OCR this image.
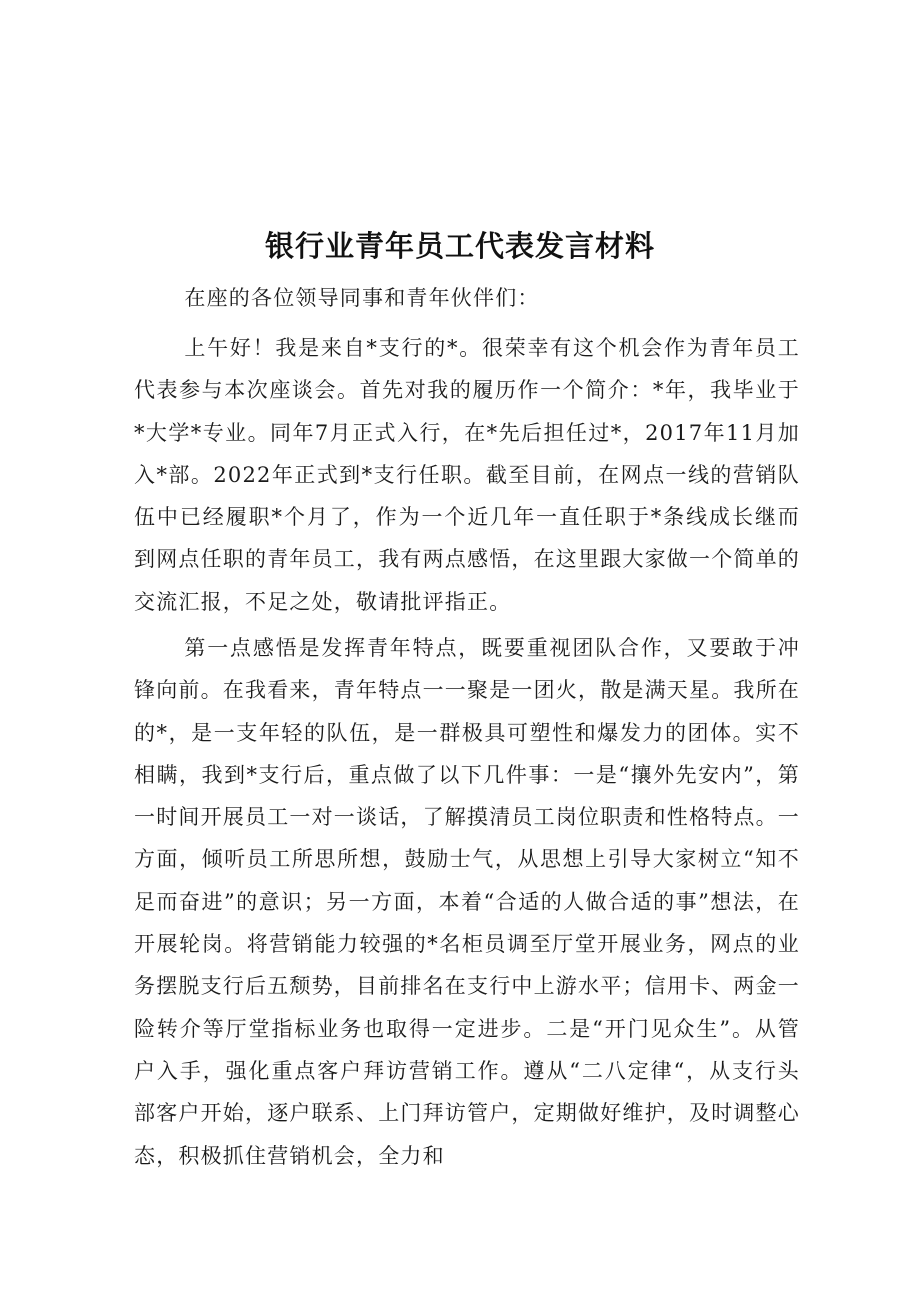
银行业青年员工代表发言材料

在座的各位领导同事和青年伙伴们：

上午好！我是来自*支行的*。很荣幸有这个机会作为青年员工代表参与本次座谈会。首先对我的履历作一个简介：*年，我毕业于*大学*专业。同年7月正式入行，在*先后担任过*，2017年11月加入*部。2022年正式到*支行任职。截至目前，在网点一线的营销队伍中已经履职*个月了，作为一个近几年一直任职于*条线成长继而到网点任职的青年员工，我有两点感悟，在这里跟大家做一个简单的交流汇报，不足之处，敬请批评指正。

第一点感悟是发挥青年特点，既要重视团队合作，又要敢于冲锋向前。在我看来，青年特点一一聚是一团火，散是满天星。我所在的*，是一支年轻的队伍，是一群极具可塑性和爆发力的团体。实不相瞒，我到*支行后，重点做了以下几件事：一是“攘外先安内”，第一时间开展员工一对一谈话，了解摸清员工岗位职责和性格特点。一方面，倾听员工所思所想，鼓励士气，从思想上引导大家树立“知不足而奋进”的意识；另一方面，本着“合适的人做合适的事”想法，在开展轮岗。将营销能力较强的*名柜员调至厅堂开展业务，网点的业务摆脱支行后五颓势，目前排名在支行中上游水平；信用卡、两金一险转介等厅堂指标业务也取得一定进步。二是“开门见众生”。从管户入手，强化重点客户拜访营销工作。遵从“二八定律“，从支行头部客户开始，逐户联系、上门拜访管户，定期做好维护，及时调整心态，积极抓住营销机会，全力和
